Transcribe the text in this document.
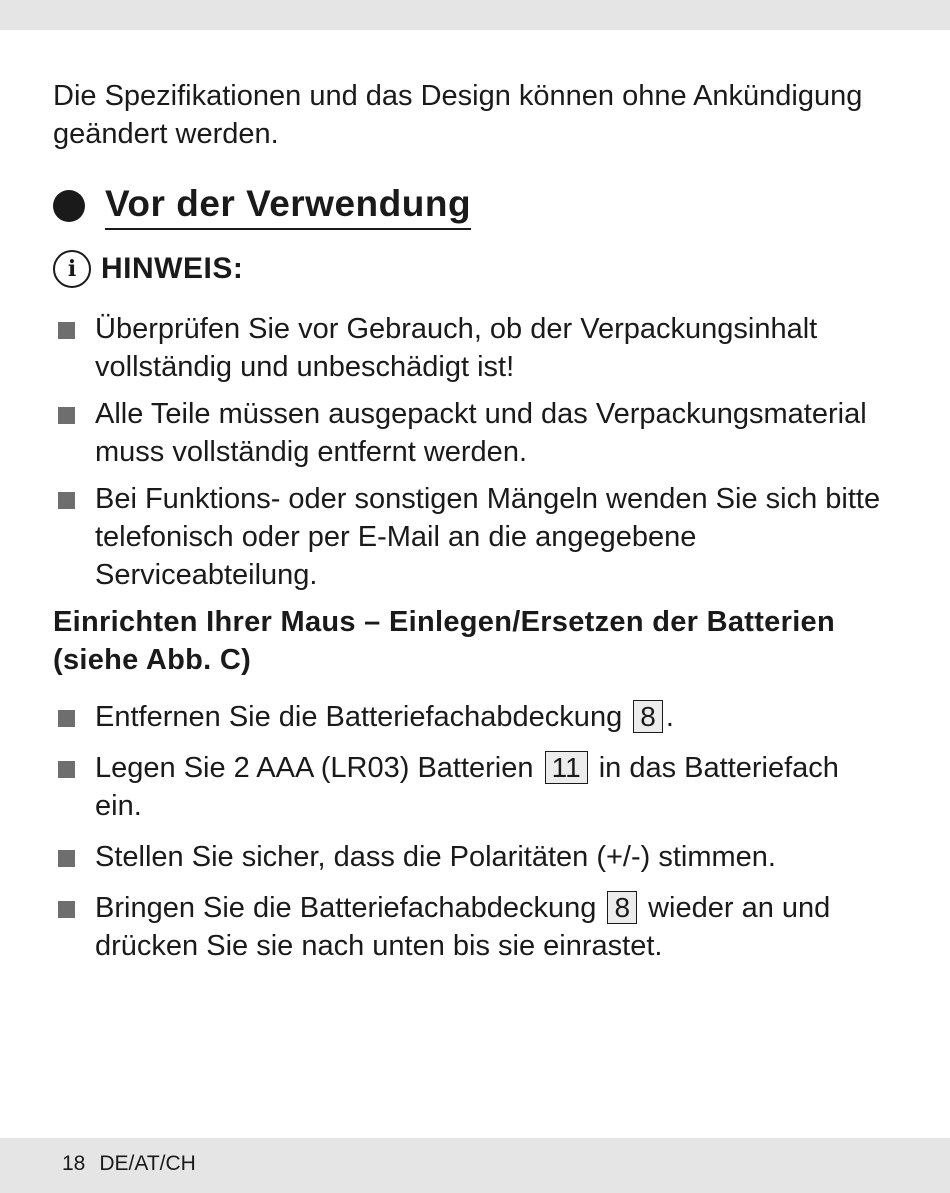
Die Spezifikationen und das Design können ohne Ankündigung geändert werden.

Vor der Verwendung
i HINWEIS:
Überprüfen Sie vor Gebrauch, ob der Verpackungsinhalt vollständig und unbeschädigt ist!
Alle Teile müssen ausgepackt und das Verpackungsmaterial muss vollständig entfernt werden.
Bei Funktions- oder sonstigen Mängeln wenden Sie sich bitte telefonisch oder per E-Mail an die angegebene Serviceabteilung.
Einrichten Ihrer Maus – Einlegen/Ersetzen der Batterien (siehe Abb. C)
Entfernen Sie die Batteriefachabdeckung 8 .
Legen Sie 2 AAA (LR03) Batterien 11 in das Batteriefach ein.
Stellen Sie sicher, dass die Polaritäten (+/-) stimmen.
Bringen Sie die Batteriefachabdeckung 8 wieder an und drücken Sie sie nach unten bis sie einrastet.
18 DE/AT/CH
